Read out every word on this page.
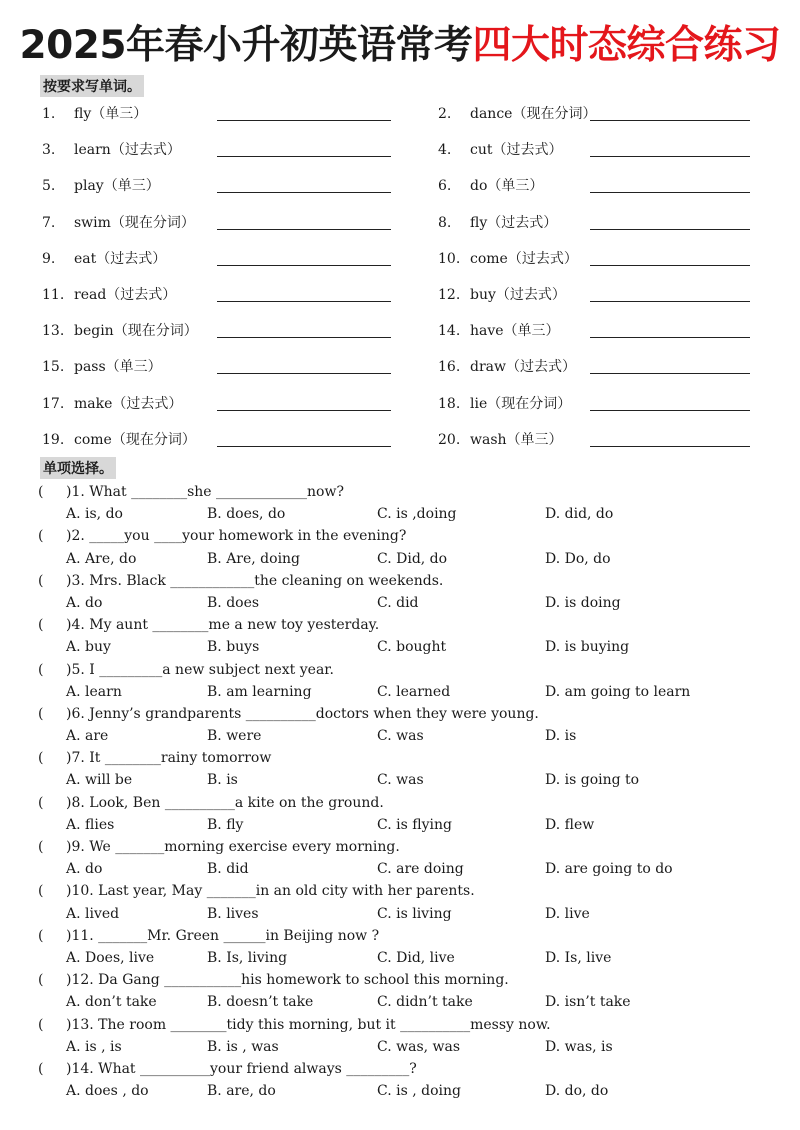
2025年春小升初英语常考四大时态综合练习
按要求写单词。
1. fly（单三）	2. dance（现在分词）
3. learn（过去式）	4. cut（过去式）
5. play（单三）	6. do（单三）
7. swim（现在分词）	8. fly（过去式）
9. eat（过去式）	10. come（过去式）
11. read（过去式）	12. buy（过去式）
13. begin（现在分词）	14. have（单三）
15. pass（单三）	16. draw（过去式）
17. make（过去式）	18. lie（现在分词）
19. come（现在分词）	20. wash（单三）
单项选择。
( )1. What ________she _____________now?
A. is, do	B. does, do	C. is ,doing	D. did, do
( )2. _____you ____your homework in the evening?
A. Are, do	B. Are, doing	C. Did, do	D. Do, do
( )3. Mrs. Black ____________the cleaning on weekends.
A. do	B. does	C. did	D. is doing
( )4. My aunt ________me a new toy yesterday.
A. buy	B. buys	C. bought	D. is buying
( )5. I _________a new subject next year.
A. learn	B. am learning	C. learned	D. am going to learn
( )6. Jenny’s grandparents __________doctors when they were young.
A. are	B. were	C. was	D. is
( )7. It ________rainy tomorrow
A. will be	B. is	C. was	D. is going to
( )8. Look, Ben __________a kite on the ground.
A. flies	B. fly	C. is flying	D. flew
( )9. We _______morning exercise every morning.
A. do	B. did	C. are doing	D. are going to do
( )10. Last year, May _______in an old city with her parents.
A. lived	B. lives	C. is living	D. live
( )11. _______Mr. Green ______in Beijing now ?
A. Does, live	B. Is, living	C. Did, live	D. Is, live
( )12. Da Gang ___________his homework to school this morning.
A. don’t take	B. doesn’t take	C. didn’t take	D. isn’t take
( )13. The room ________tidy this morning, but it __________messy now.
A. is , is	B. is , was	C. was, was	D. was, is
( )14. What __________your friend always _________?
A. does , do	B. are, do	C. is , doing	D. do, do
